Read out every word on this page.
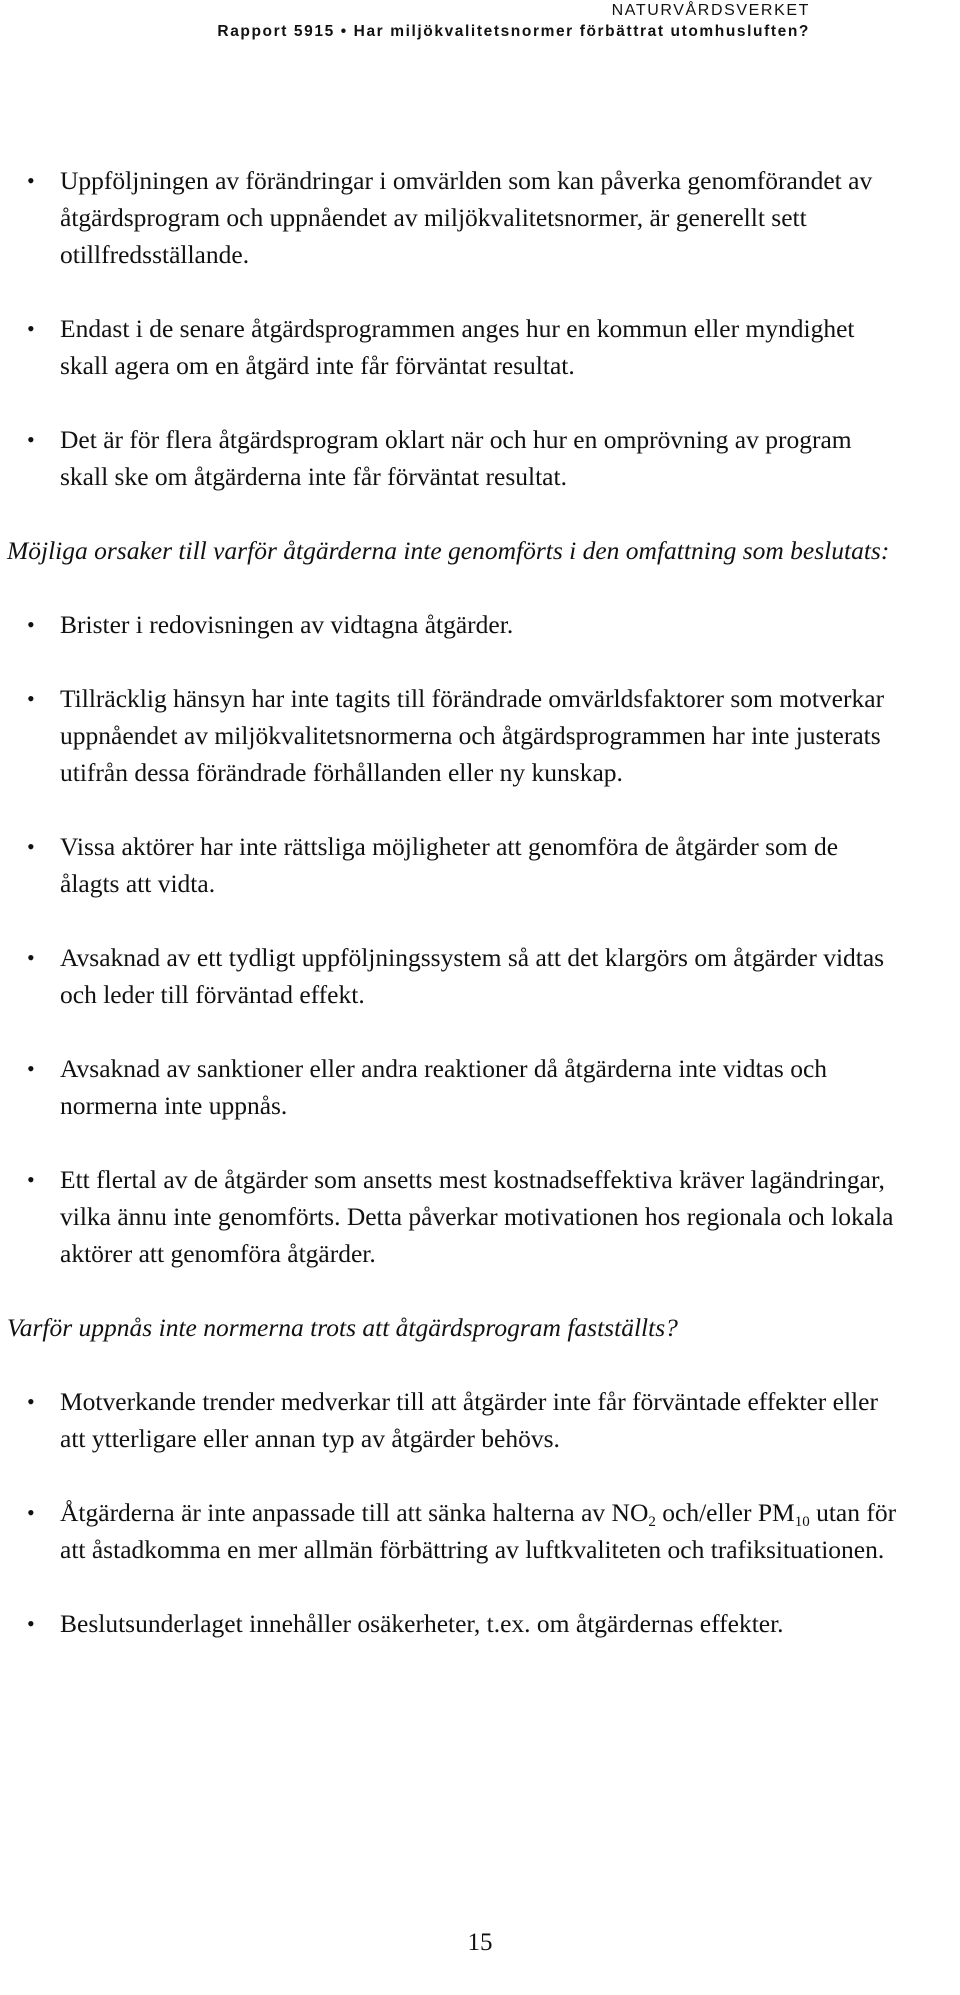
NATURVÅRDSVERKET
Rapport 5915 • Har miljökvalitetsnormer förbättrat utomhusluften?
• Uppföljningen av förändringar i omvärlden som kan påverka genomförandet av åtgärdsprogram och uppnåendet av miljökvalitetsnormer, är generellt sett otillfredsställande.
• Endast i de senare åtgärdsprogrammen anges hur en kommun eller myndighet skall agera om en åtgärd inte får förväntat resultat.
• Det är för flera åtgärdsprogram oklart när och hur en omprövning av program skall ske om åtgärderna inte får förväntat resultat.
Möjliga orsaker till varför åtgärderna inte genomförts i den omfattning som beslutats:
• Brister i redovisningen av vidtagna åtgärder.
• Tillräcklig hänsyn har inte tagits till förändrade omvärldsfaktorer som motverkar uppnåendet av miljökvalitetsnormerna och åtgärdsprogrammen har inte justerats utifrån dessa förändrade förhållanden eller ny kunskap.
• Vissa aktörer har inte rättsliga möjligheter att genomföra de åtgärder som de ålagts att vidta.
• Avsaknad av ett tydligt uppföljningssystem så att det klargörs om åtgärder vidtas och leder till förväntad effekt.
• Avsaknad av sanktioner eller andra reaktioner då åtgärderna inte vidtas och normerna inte uppnås.
• Ett flertal av de åtgärder som ansetts mest kostnadseffektiva kräver lagändringar, vilka ännu inte genomförts. Detta påverkar motivationen hos regionala och lokala aktörer att genomföra åtgärder.
Varför uppnås inte normerna trots att åtgärdsprogram fastställts?
• Motverkande trender medverkar till att åtgärder inte får förväntade effekter eller att ytterligare eller annan typ av åtgärder behövs.
• Åtgärderna är inte anpassade till att sänka halterna av $NO_2$ och/eller $PM_{10}$ utan för att åstadkomma en mer allmän förbättring av luftkvaliteten och trafiksituationen.
• Beslutsunderlaget innehåller osäkerheter, t.ex. om åtgärdernas effekter.
15
